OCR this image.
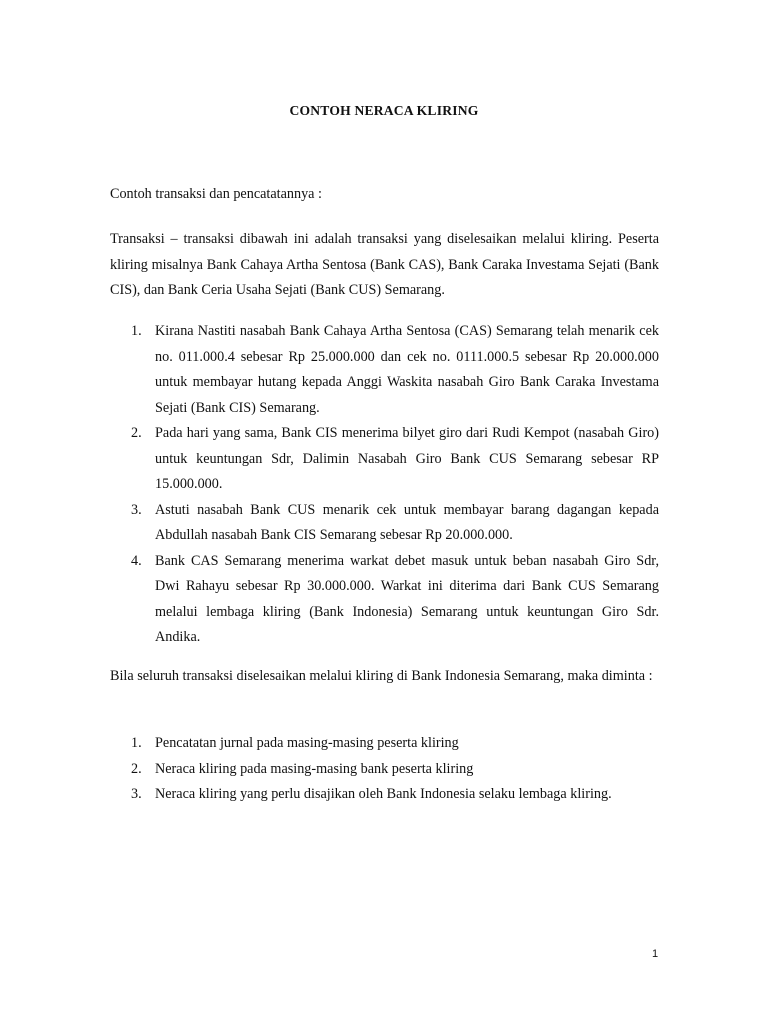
CONTOH NERACA KLIRING
Contoh transaksi dan pencatatannya :
Transaksi – transaksi dibawah ini adalah transaksi yang diselesaikan melalui kliring. Peserta kliring misalnya Bank Cahaya Artha Sentosa (Bank CAS), Bank Caraka Investama Sejati (Bank CIS), dan Bank Ceria Usaha Sejati (Bank CUS) Semarang.
1. Kirana Nastiti nasabah Bank Cahaya Artha Sentosa (CAS) Semarang telah menarik cek no. 011.000.4 sebesar Rp 25.000.000 dan cek no. 0111.000.5 sebesar Rp 20.000.000 untuk membayar hutang kepada Anggi Waskita nasabah Giro Bank Caraka Investama Sejati (Bank CIS) Semarang.
2. Pada hari yang sama, Bank CIS menerima bilyet giro dari Rudi Kempot (nasabah Giro) untuk keuntungan Sdr, Dalimin Nasabah Giro Bank CUS Semarang sebesar RP 15.000.000.
3. Astuti nasabah Bank CUS menarik cek untuk membayar barang dagangan kepada Abdullah nasabah Bank CIS Semarang sebesar Rp 20.000.000.
4. Bank CAS Semarang menerima warkat debet masuk untuk beban nasabah Giro Sdr, Dwi Rahayu sebesar Rp 30.000.000. Warkat ini diterima dari Bank CUS Semarang melalui lembaga kliring (Bank Indonesia) Semarang untuk keuntungan Giro Sdr. Andika.
Bila seluruh transaksi diselesaikan melalui kliring di Bank Indonesia Semarang, maka diminta :
1. Pencatatan jurnal pada masing-masing peserta kliring
2. Neraca kliring pada masing-masing bank peserta kliring
3. Neraca kliring yang perlu disajikan oleh Bank Indonesia selaku lembaga kliring.
1
